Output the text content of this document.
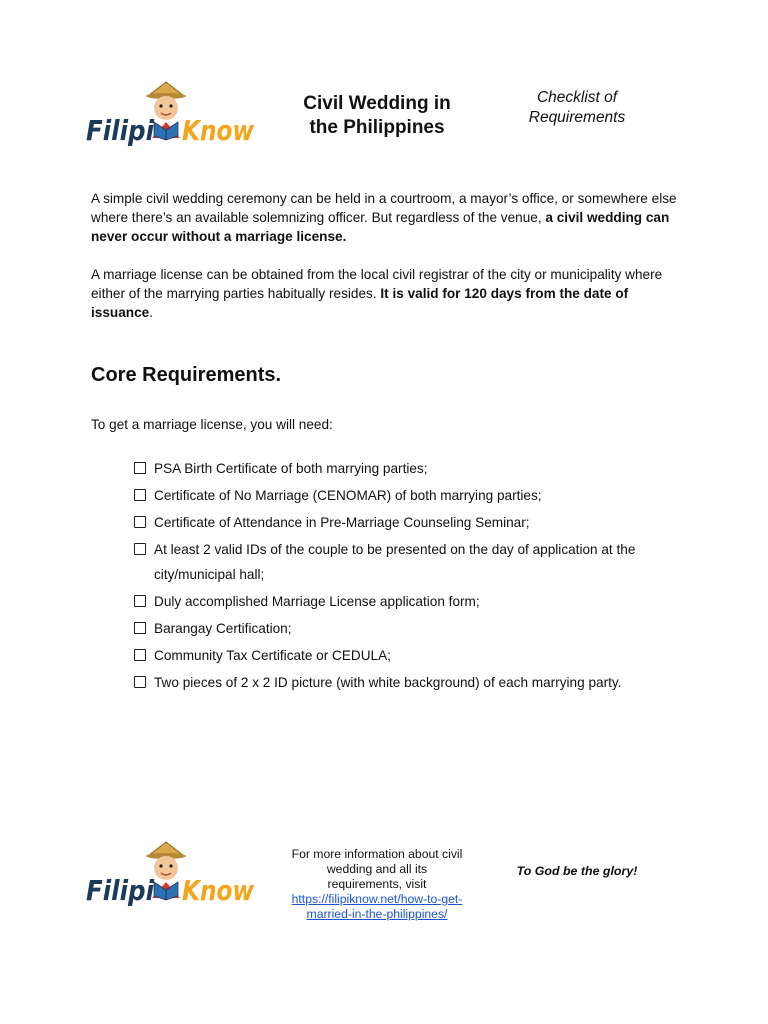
Filipi Know
Civil Wedding in
the Philippines
Checklist of
Requirements

A simple civil wedding ceremony can be held in a courtroom, a mayor’s office, or somewhere else where there’s an available solemnizing officer. But regardless of the venue, a civil wedding can never occur without a marriage license.

A marriage license can be obtained from the local civil registrar of the city or municipality where either of the marrying parties habitually resides. It is valid for 120 days from the date of issuance.

Core Requirements.

To get a marriage license, you will need:

PSA Birth Certificate of both marrying parties;
Certificate of No Marriage (CENOMAR) of both marrying parties;
Certificate of Attendance in Pre-Marriage Counseling Seminar;
At least 2 valid IDs of the couple to be presented on the day of application at the city/municipal hall;
Duly accomplished Marriage License application form;
Barangay Certification;
Community Tax Certificate or CEDULA;
Two pieces of 2 x 2 ID picture (with white background) of each marrying party.
Filipi Know
For more information about civil
wedding and all its
requirements, visit
https://filipiknow.net/how-to-get-
married-in-the-philippines/
To God be the glory!
